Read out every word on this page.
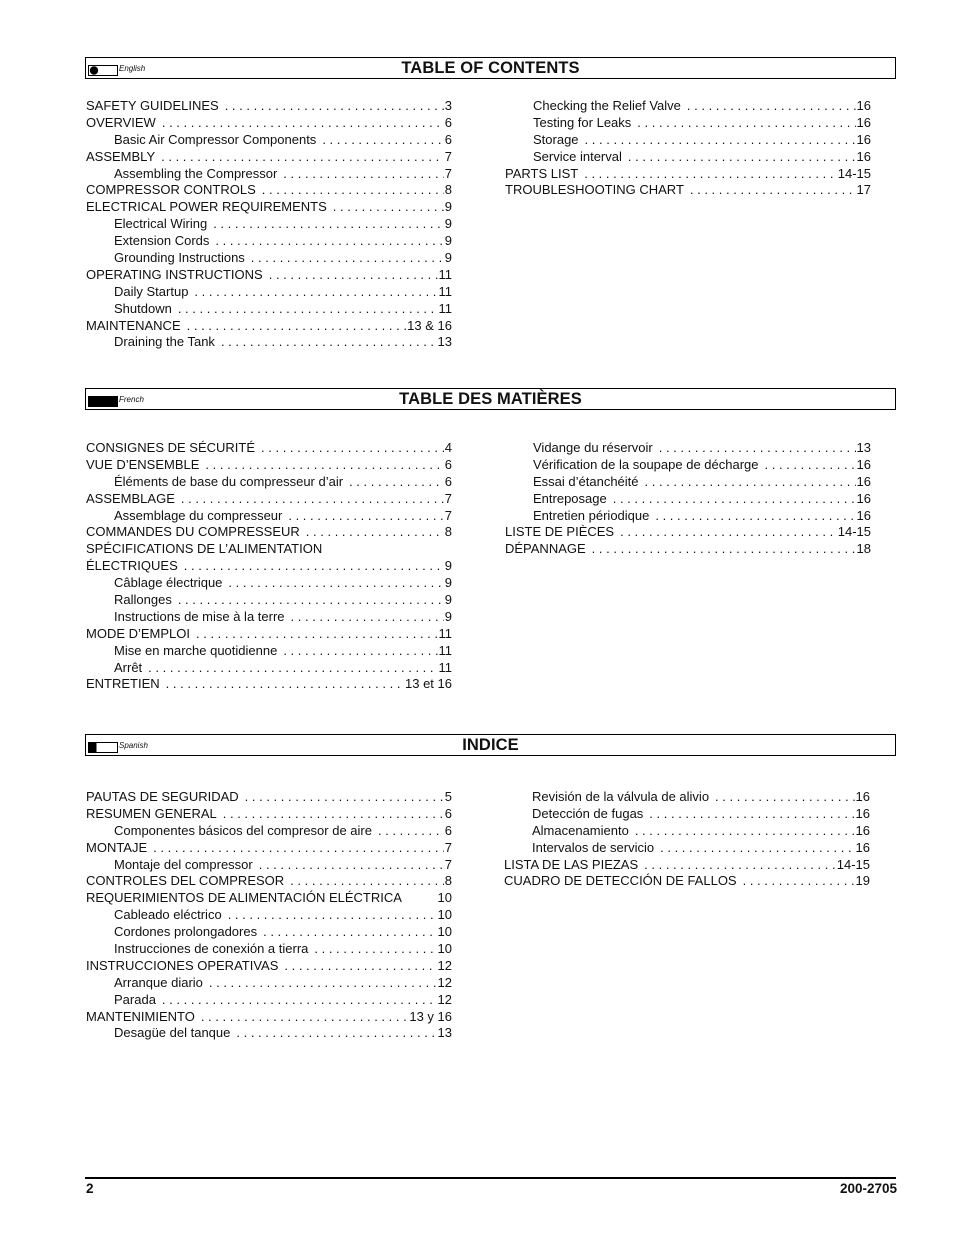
English	TABLE OF CONTENTS
SAFETY GUIDELINES . . .	3
OVERVIEW . . .	6
Basic Air Compressor Components . . .	6
ASSEMBLY . . .	7
Assembling the Compressor . . .	7
COMPRESSOR CONTROLS . . .	8
ELECTRICAL POWER REQUIREMENTS . . .	9
Electrical Wiring . . .	9
Extension Cords . . .	9
Grounding Instructions . . .	9
OPERATING INSTRUCTIONS . . .	11
Daily Startup . . .	11
Shutdown . . .	11
MAINTENANCE . . .	13 & 16
Draining the Tank . . .	13
Checking the Relief Valve . . .	16
Testing for Leaks . . .	16
Storage . . .	16
Service interval . . .	16
PARTS LIST . . .	14-15
TROUBLESHOOTING CHART . . .	17
French	TABLE DES MATIÈRES
CONSIGNES DE SÉCURITÉ . . .	4
VUE D’ENSEMBLE . . .	6
Éléments de base du compresseur d’air . . .	6
ASSEMBLAGE . . .	7
Assemblage du compresseur . . .	7
COMMANDES DU COMPRESSEUR . . .	8
SPÉCIFICATIONS DE L’ALIMENTATION
ÉLECTRIQUES . . .	9
Câblage électrique . . .	9
Rallonges . . .	9
Instructions de mise à la terre . . .	9
MODE D’EMPLOI . . .	11
Mise en marche quotidienne . . .	11
Arrêt . . .	11
ENTRETIEN . . .	13 et 16
Vidange du réservoir . . .	13
Vérification de la soupape de décharge . . .	16
Essai d’étanchéité . . .	16
Entreposage . . .	16
Entretien périodique . . .	16
LISTE DE PIÈCES . . .	14-15
DÉPANNAGE . . .	18
Spanish	INDICE
PAUTAS DE SEGURIDAD . . .	5
RESUMEN GENERAL . . .	6
Componentes básicos del compresor de aire . . .	6
MONTAJE . . .	7
Montaje del compressor . . .	7
CONTROLES DEL COMPRESOR . . .	8
REQUERIMIENTOS DE ALIMENTACIÓN ELÉCTRICA	10
Cableado eléctrico . . .	10
Cordones prolongadores . . .	10
Instrucciones de conexión a tierra . . .	10
INSTRUCCIONES OPERATIVAS . . .	12
Arranque diario . . .	12
Parada . . .	12
MANTENIMIENTO . . .	13 y 16
Desagüe del tanque . . .	13
Revisión de la válvula de alivio . . .	16
Detección de fugas . . .	16
Almacenamiento . . .	16
Intervalos de servicio . . .	16
LISTA DE LAS PIEZAS . . .	14-15
CUADRO DE DETECCIÓN DE FALLOS . . .	19
2	200-2705
